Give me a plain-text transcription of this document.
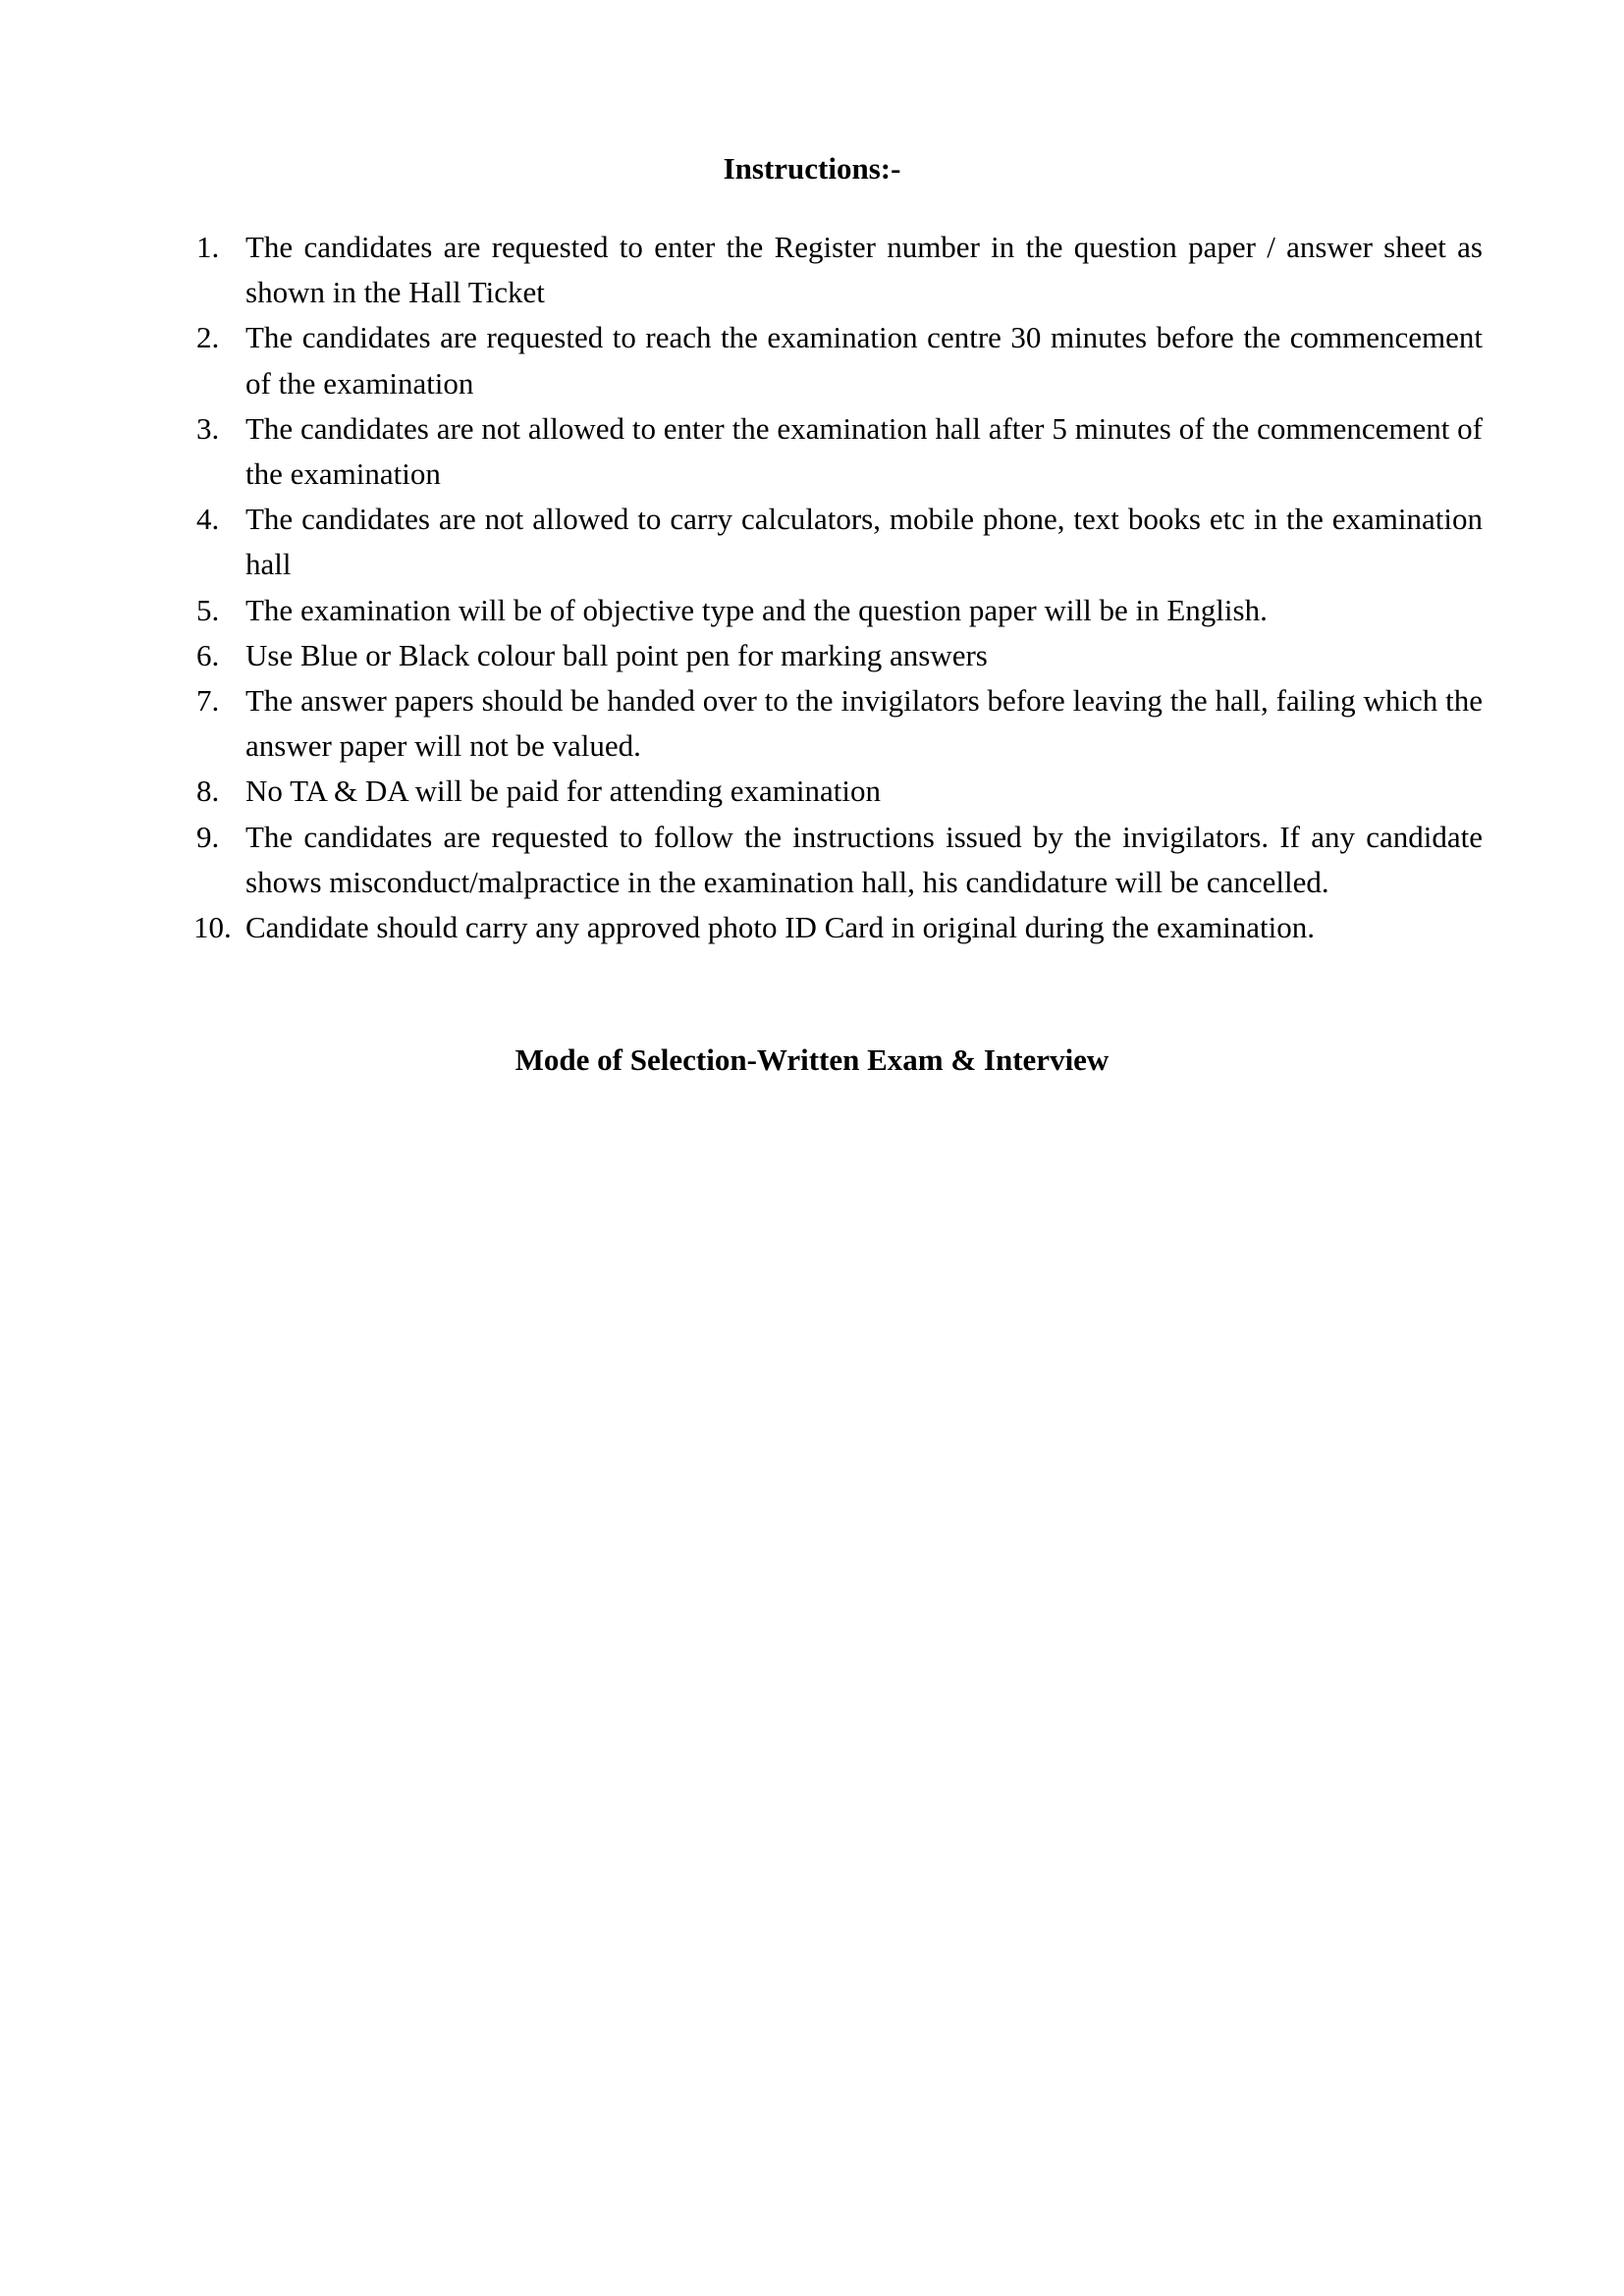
Instructions:-
1. The candidates are requested to enter the Register number in the question paper / answer sheet as shown in the Hall Ticket
2. The candidates are requested to reach the examination centre 30 minutes before the commencement of the examination
3. The candidates are not allowed to enter the examination hall after 5 minutes of the commencement of the examination
4. The candidates are not allowed to carry calculators, mobile phone, text books etc in the examination hall
5. The examination will be of objective type and the question paper will be in English.
6. Use Blue or Black colour ball point pen for marking answers
7. The answer papers should be handed over to the invigilators before leaving the hall, failing which the answer paper will not be valued.
8. No TA & DA will be paid for attending examination
9. The candidates are requested to follow the instructions issued by the invigilators. If any candidate shows misconduct/malpractice in the examination hall, his candidature will be cancelled.
10. Candidate should carry any approved photo ID Card in original during the examination.
Mode of Selection-Written Exam & Interview
